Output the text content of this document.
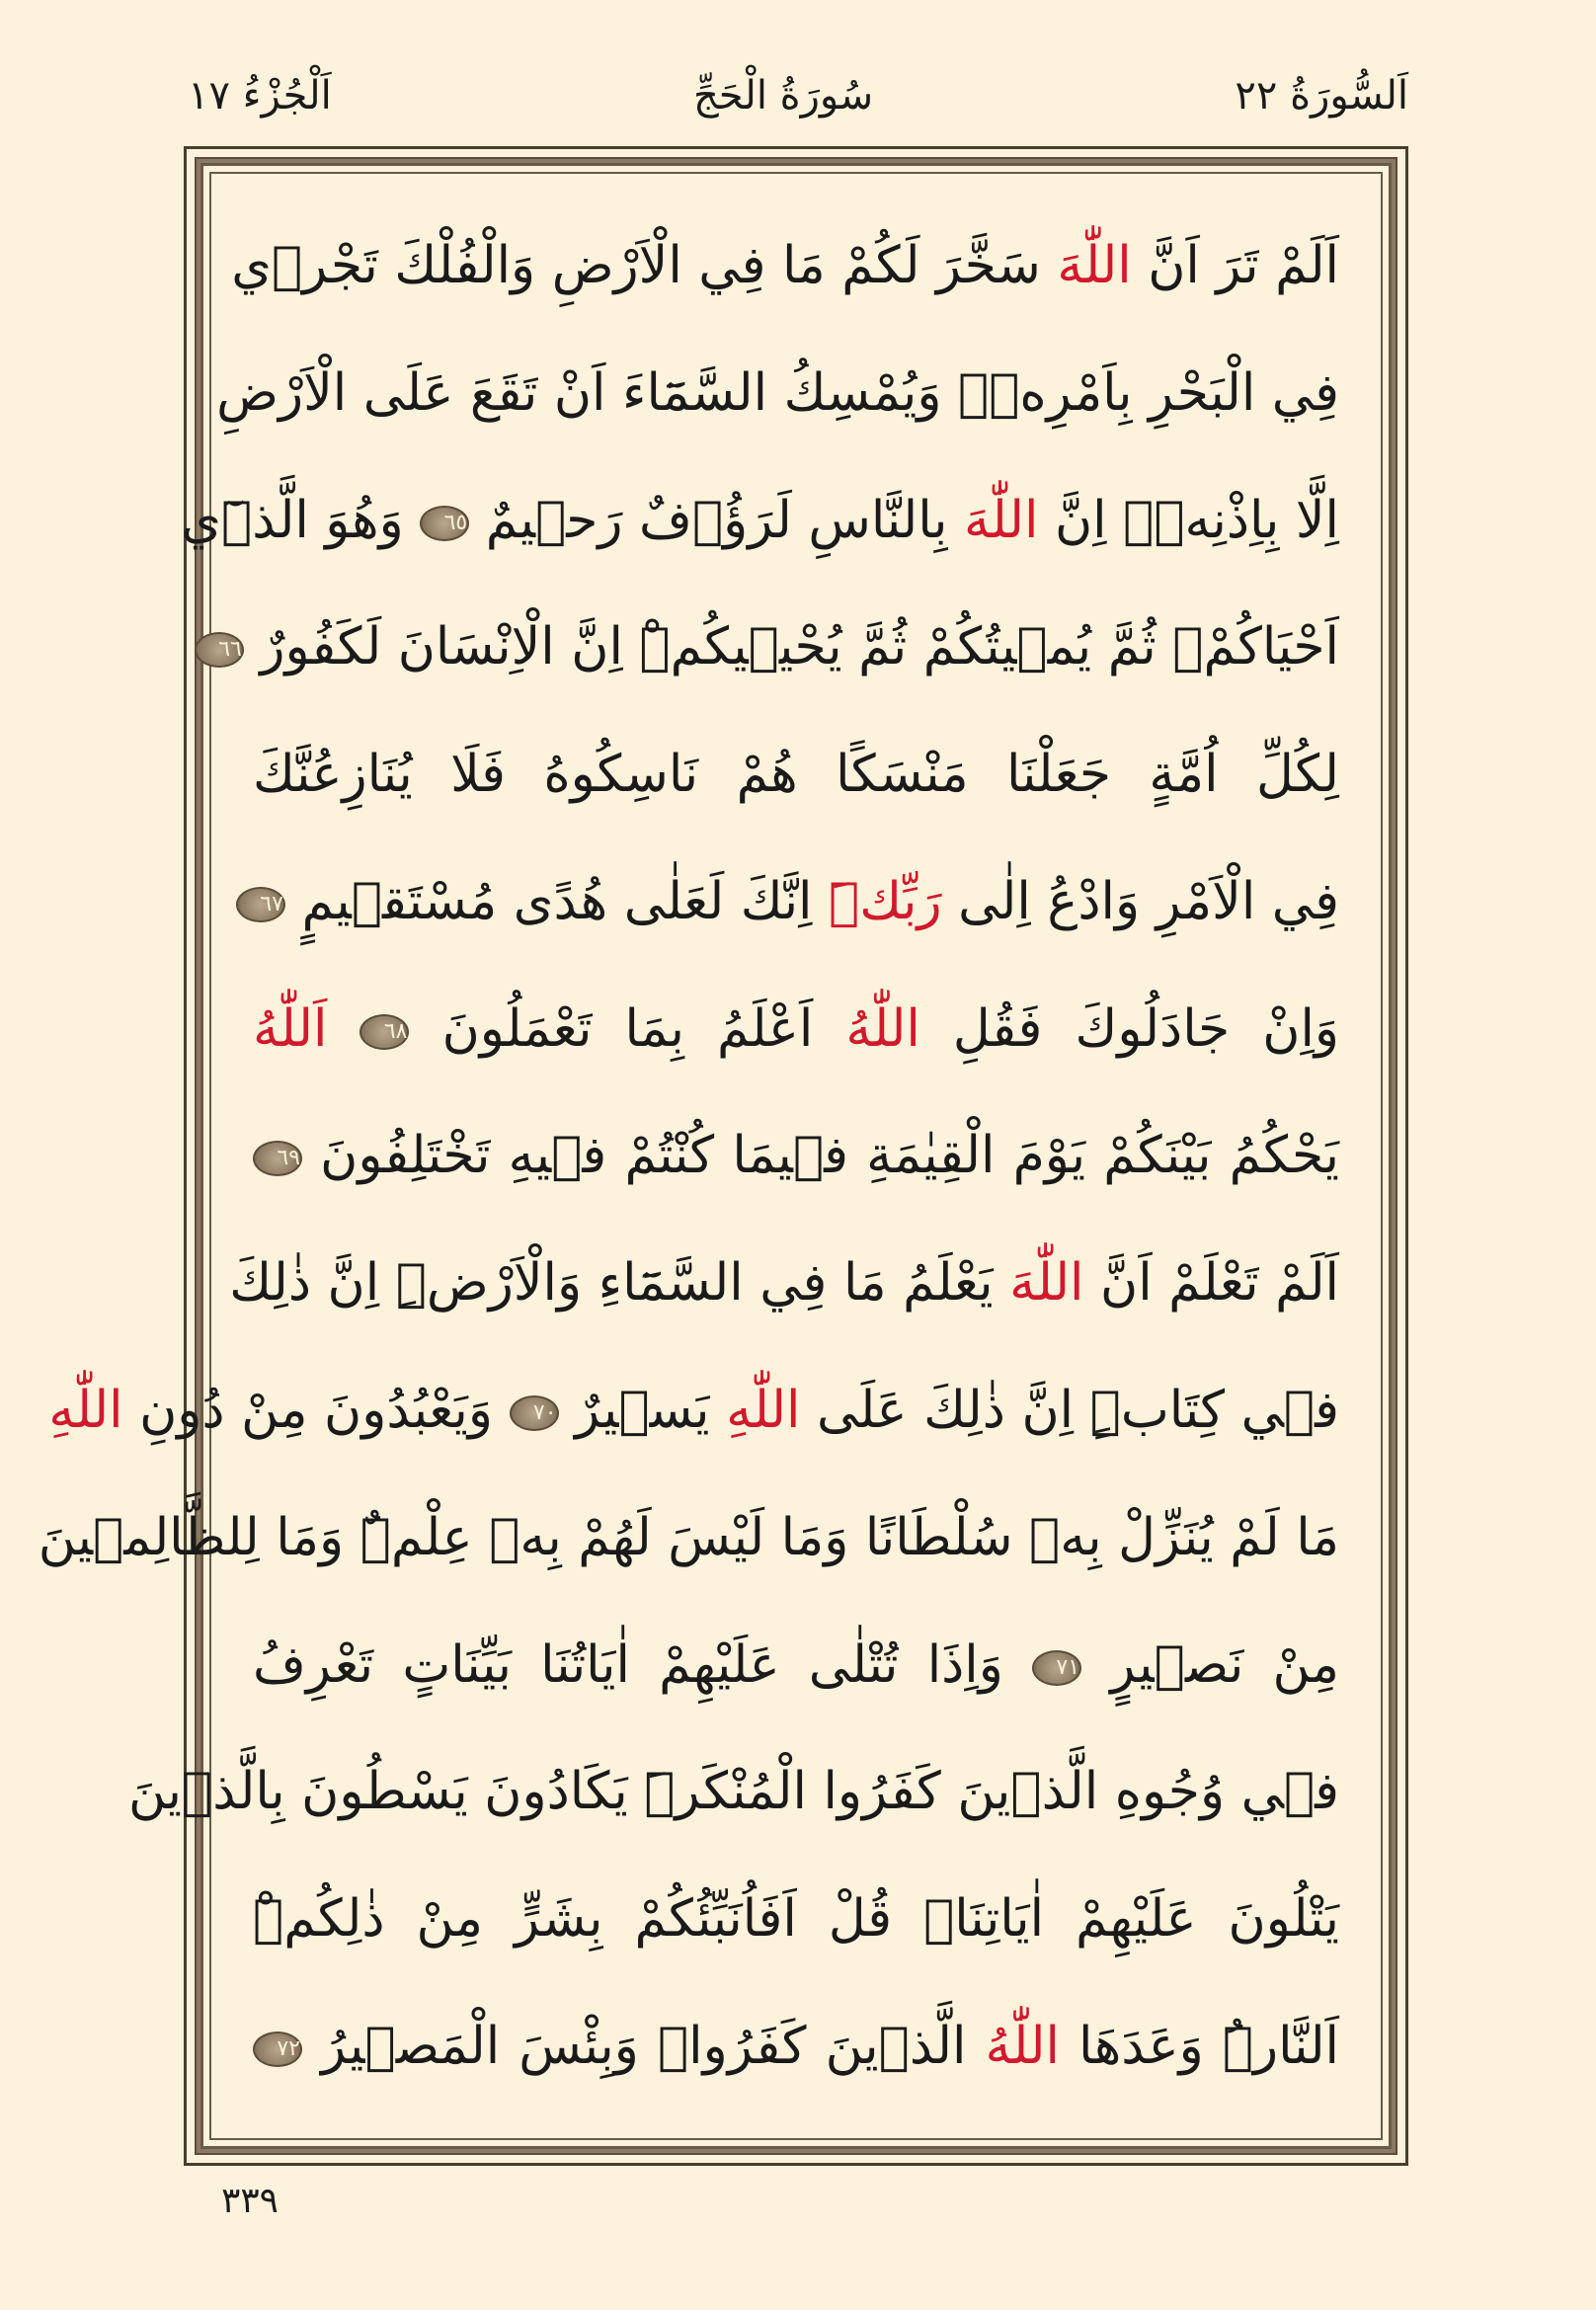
اَلْجُزْءُ ١٧	سُورَةُ الْحَجِّ	اَلسُّورَةُ ٢٢
اَلَمْ تَرَ اَنَّ اللّٰهَ سَخَّرَ لَكُمْ مَا فِي الْاَرْضِ وَالْفُلْكَ تَجْر۪ي
فِي الْبَحْرِ بِاَمْرِه۪ۜ وَيُمْسِكُ السَّمَٓاءَ اَنْ تَقَعَ عَلَى الْاَرْضِ
اِلَّا بِاِذْنِه۪ۜ اِنَّ اللّٰهَ بِالنَّاسِ لَرَؤُ۫فٌ رَح۪يمٌ ٦٥ وَهُوَ الَّذ۪ٓي
اَحْيَاكُمْۘ ثُمَّ يُم۪يتُكُمْ ثُمَّ يُحْي۪يكُمْۜ اِنَّ الْاِنْسَانَ لَكَفُورٌ ٦٦
لِكُلِّ اُمَّةٍ جَعَلْنَا مَنْسَكًا هُمْ نَاسِكُوهُ فَلَا يُنَازِعُنَّكَ
فِي الْاَمْرِ وَادْعُ اِلٰى رَبِّكَۜ اِنَّكَ لَعَلٰى هُدًى مُسْتَق۪يمٍ ٦٧
وَاِنْ جَادَلُوكَ فَقُلِ اللّٰهُ اَعْلَمُ بِمَا تَعْمَلُونَ ٦٨ اَللّٰهُ
يَحْكُمُ بَيْنَكُمْ يَوْمَ الْقِيٰمَةِ ف۪يمَا كُنْتُمْ ف۪يهِ تَخْتَلِفُونَ ٦٩
اَلَمْ تَعْلَمْ اَنَّ اللّٰهَ يَعْلَمُ مَا فِي السَّمَٓاءِ وَالْاَرْضِۜ اِنَّ ذٰلِكَ
ف۪ي كِتَابٍۜ اِنَّ ذٰلِكَ عَلَى اللّٰهِ يَس۪يرٌ ٧٠ وَيَعْبُدُونَ مِنْ دُونِ اللّٰهِ
مَا لَمْ يُنَزِّلْ بِه۪ سُلْطَانًا وَمَا لَيْسَ لَهُمْ بِه۪ عِلْمٌۜ وَمَا لِلظَّالِم۪ينَ
مِنْ نَص۪يرٍ ٧١ وَاِذَا تُتْلٰى عَلَيْهِمْ اٰيَاتُنَا بَيِّنَاتٍ تَعْرِفُ
ف۪ي وُجُوهِ الَّذ۪ينَ كَفَرُوا الْمُنْكَرَۜ يَكَادُونَ يَسْطُونَ بِالَّذ۪ينَ
يَتْلُونَ عَلَيْهِمْ اٰيَاتِنَاۜ قُلْ اَفَاُنَبِّئُكُمْ بِشَرٍّ مِنْ ذٰلِكُمْۜ
اَلنَّارُۜ وَعَدَهَا اللّٰهُ الَّذ۪ينَ كَفَرُواۜ وَبِئْسَ الْمَص۪يرُ ٧٢
٣٣٩
